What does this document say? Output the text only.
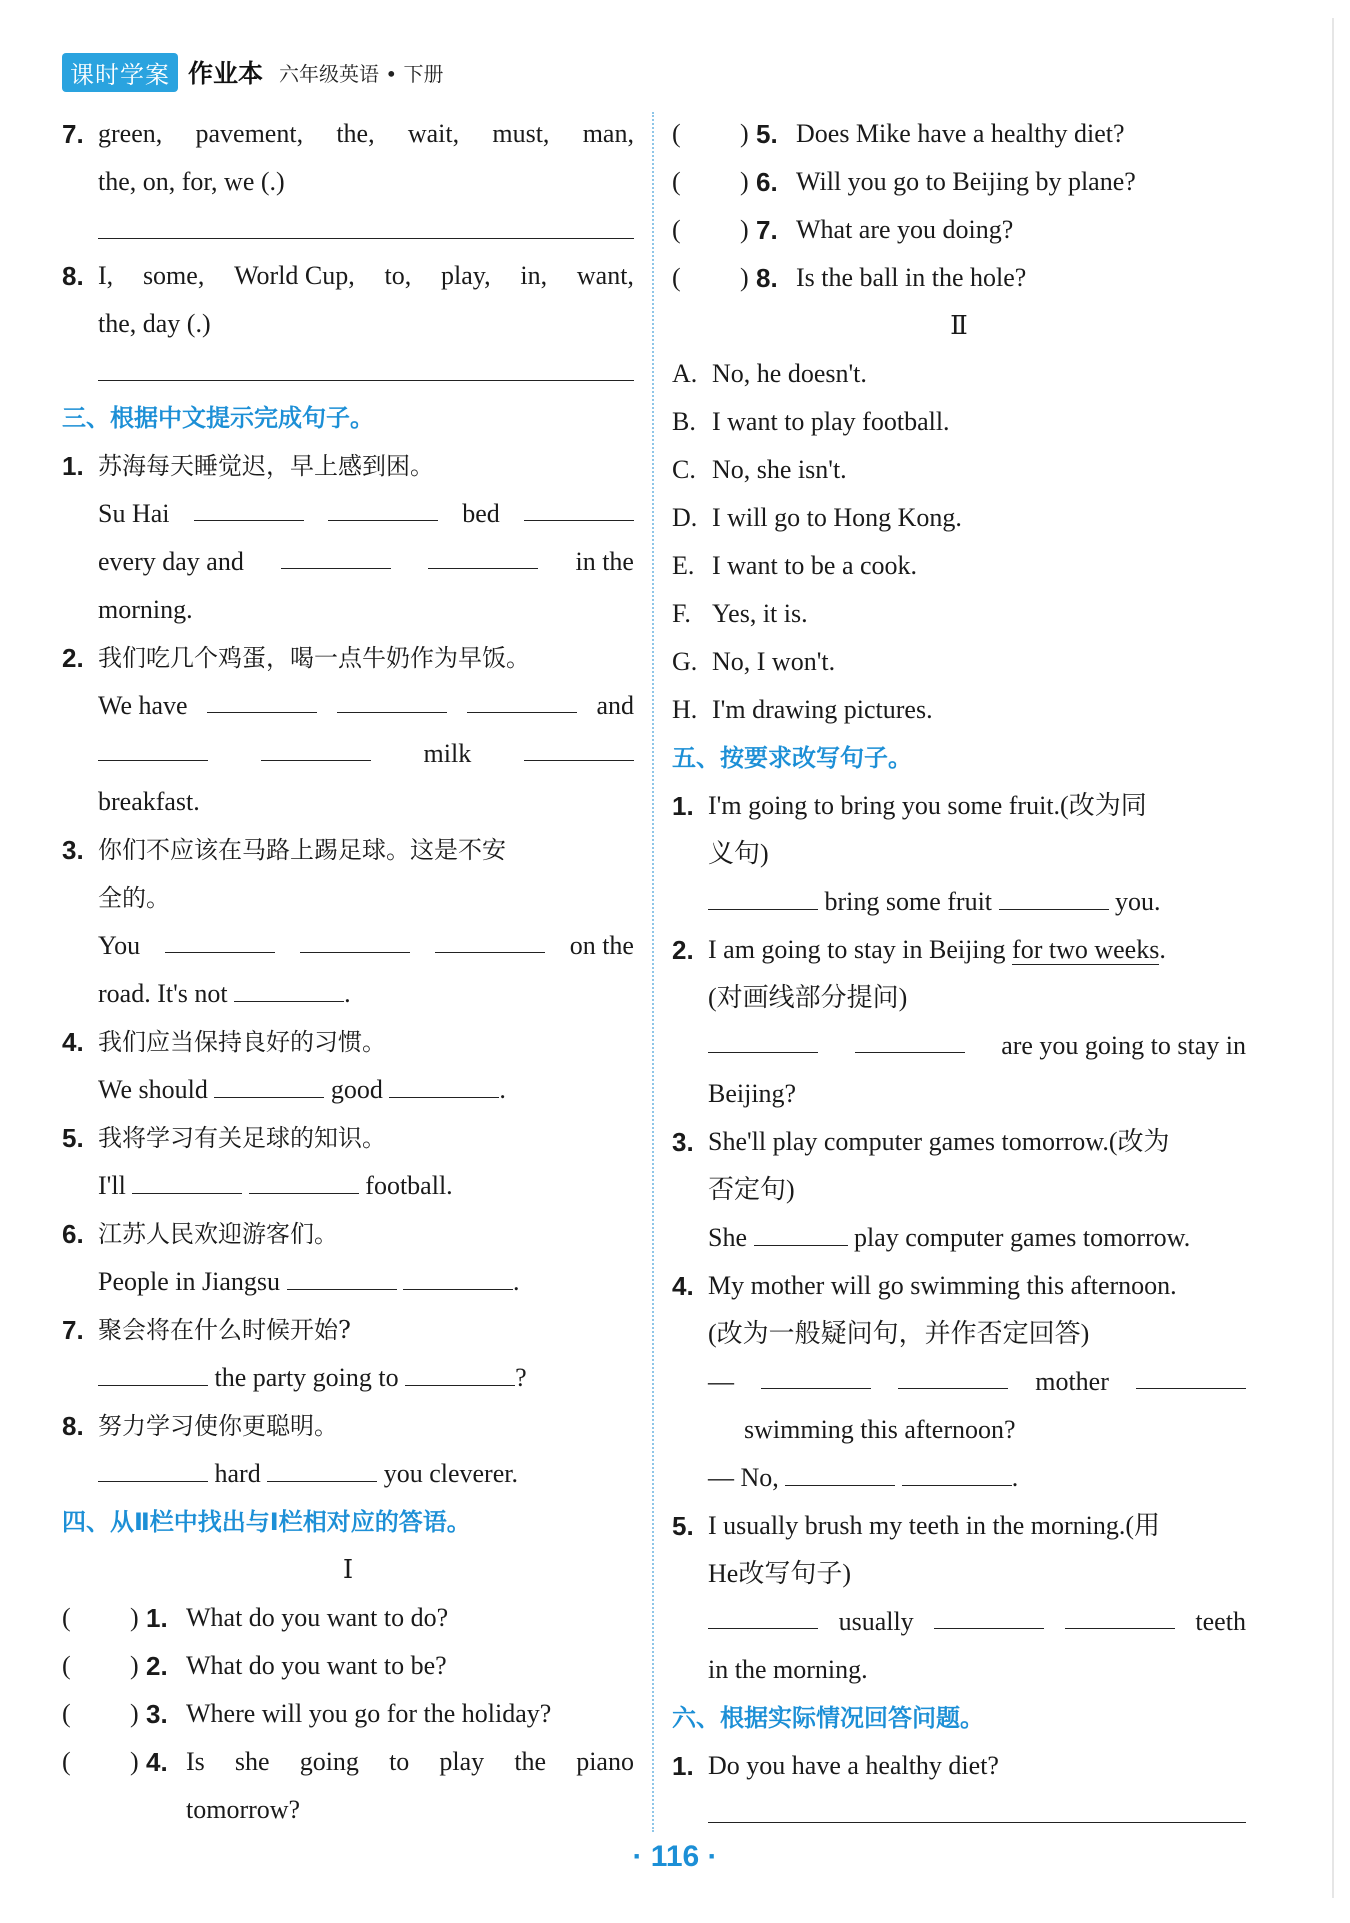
课时学案 作业本 六年级英语 • 下册
7. green, pavement, the, wait, must, man,
the, on, for, we (.)
8. I, some, World Cup, to, play, in, want,
the, day (.)
三、根据中文提示完成句子。
1. 苏海每天睡觉迟，早上感到困。
Su Hai	bed
every day and	in the
morning.
2. 我们吃几个鸡蛋，喝一点牛奶作为早饭。
We have	and
milk
breakfast.
3. 你们不应该在马路上踢足球。这是不安
全的。
You	on the
road. It's not	.
4. 我们应当保持良好的习惯。
We should	good	.
5. 我将学习有关足球的知识。
I'll	football.
6. 江苏人民欢迎游客们。
People in Jiangsu	.
7. 聚会将在什么时候开始?
the party going to	?
8. 努力学习使你更聪明。
hard	you cleverer.
四、从Ⅱ栏中找出与Ⅰ栏相对应的答语。
Ⅰ
( ) 1. What do you want to do?
( ) 2. What do you want to be?
( ) 3. Where will you go for the holiday?
( ) 4. Is she going to play the piano
tomorrow?
( ) 5. Does Mike have a healthy diet?
( ) 6. Will you go to Beijing by plane?
( ) 7. What are you doing?
( ) 8. Is the ball in the hole?
Ⅱ
A. No, he doesn't.
B. I want to play football.
C. No, she isn't.
D. I will go to Hong Kong.
E. I want to be a cook.
F. Yes, it is.
G. No, I won't.
H. I'm drawing pictures.
五、按要求改写句子。
1. I'm going to bring you some fruit.(改为同
义句)
bring some fruit	you.
2. I am going to stay in Beijing for two weeks.
(对画线部分提问)
are you going to stay in
Beijing?
3. She'll play computer games tomorrow.(改为
否定句)
She	play computer games tomorrow.
4. My mother will go swimming this afternoon.
(改为一般疑问句，并作否定回答)
—	mother
swimming this afternoon?
— No,	.
5. I usually brush my teeth in the morning.(用
He改写句子)
usually	teeth
in the morning.
六、根据实际情况回答问题。
1. Do you have a healthy diet?
· 116 ·
